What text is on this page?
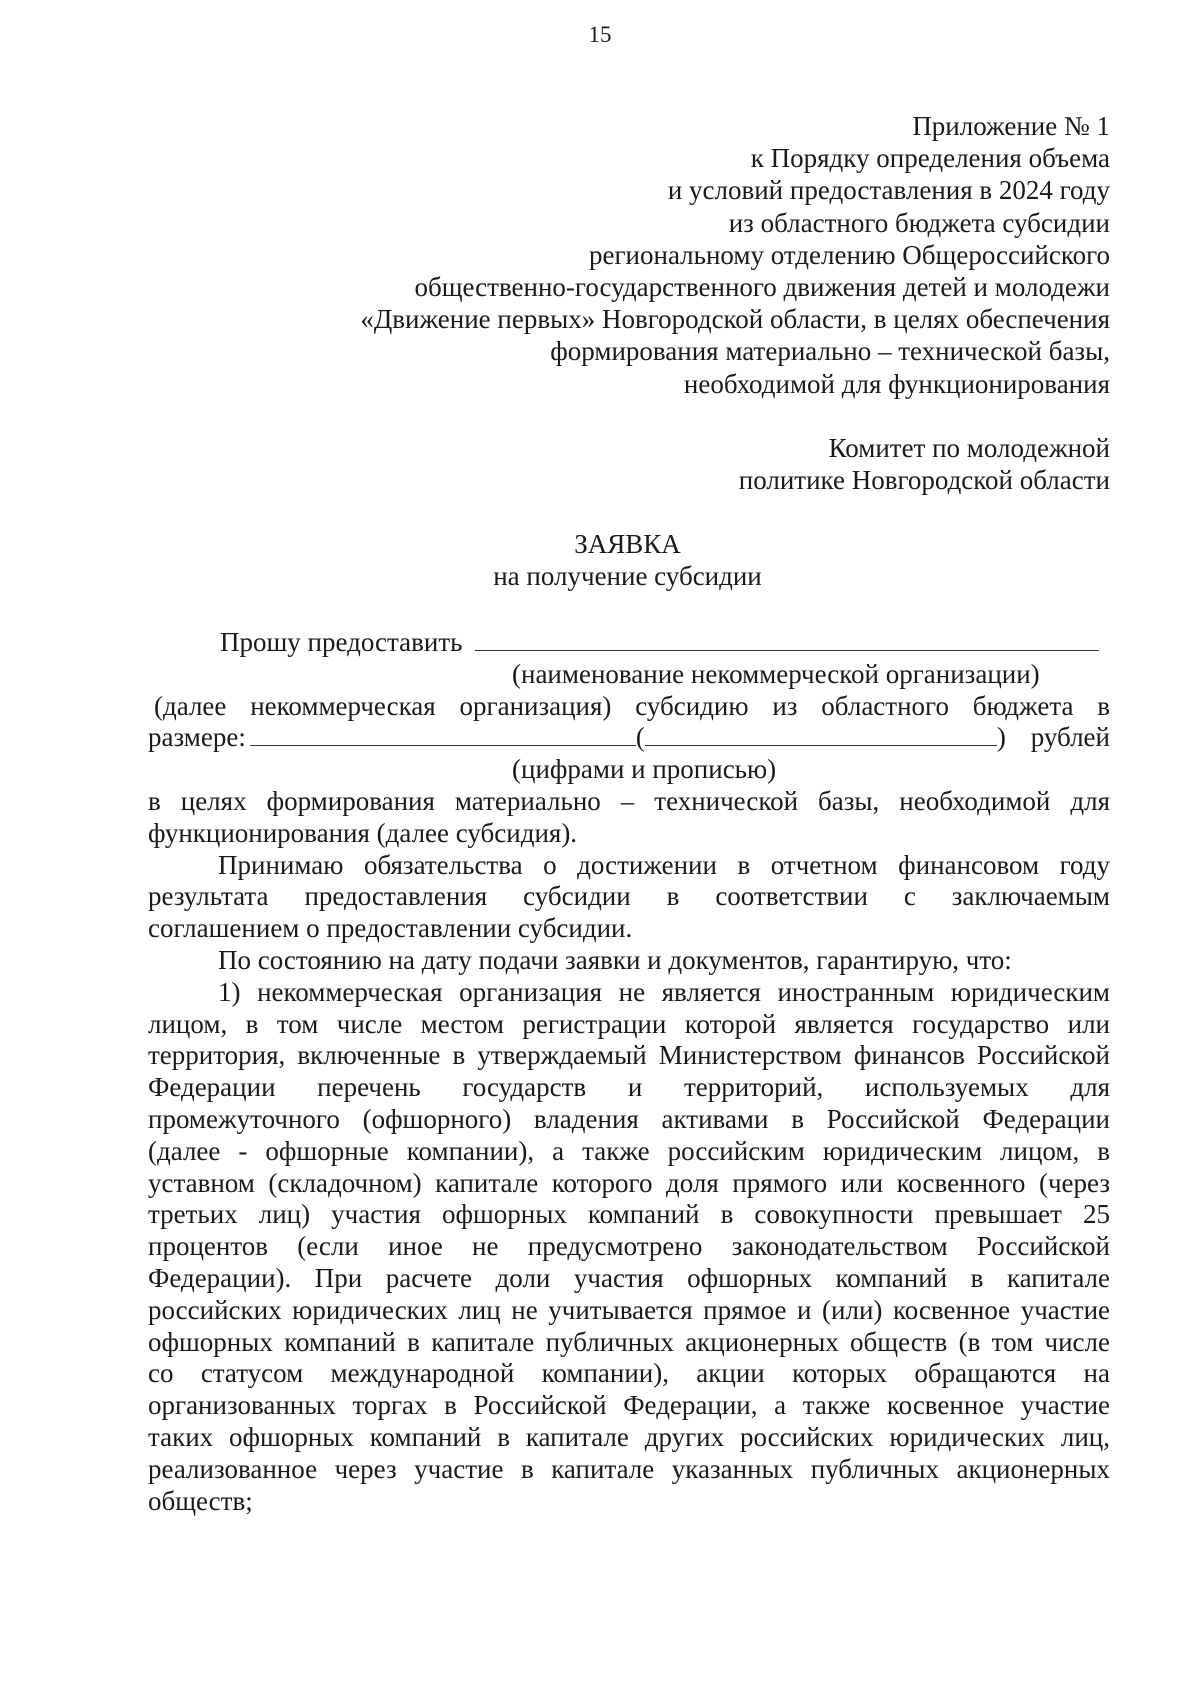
15
Приложение № 1
к Порядку определения объема
и условий предоставления в 2024 году
из областного бюджета субсидии
региональному отделению Общероссийского
общественно-государственного движения детей и молодежи
«Движение первых» Новгородской области, в целях обеспечения
формирования материально – технической базы,
необходимой для функционирования
Комитет по молодежной
политике Новгородской области
ЗАЯВКА
на получение субсидии
Прошу предоставить
(наименование некоммерческой организации)
(далее некоммерческая организация) субсидию из областного бюджета в
размере:	(	) рублей
(цифрами и прописью)
в целях формирования материально – технической базы, необходимой для
функционирования (далее субсидия).
Принимаю обязательства о достижении в отчетном финансовом году
результата предоставления субсидии в соответствии с заключаемым
соглашением о предоставлении субсидии.
По состоянию на дату подачи заявки и документов, гарантирую, что:
1) некоммерческая организация не является иностранным юридическим
лицом, в том числе местом регистрации которой является государство или
территория, включенные в утверждаемый Министерством финансов Российской
Федерации перечень государств и территорий, используемых для
промежуточного (офшорного) владения активами в Российской Федерации
(далее - офшорные компании), а также российским юридическим лицом, в
уставном (складочном) капитале которого доля прямого или косвенного (через
третьих лиц) участия офшорных компаний в совокупности превышает 25
процентов (если иное не предусмотрено законодательством Российской
Федерации). При расчете доли участия офшорных компаний в капитале
российских юридических лиц не учитывается прямое и (или) косвенное участие
офшорных компаний в капитале публичных акционерных обществ (в том числе
со статусом международной компании), акции которых обращаются на
организованных торгах в Российской Федерации, а также косвенное участие
таких офшорных компаний в капитале других российских юридических лиц,
реализованное через участие в капитале указанных публичных акционерных
обществ;
